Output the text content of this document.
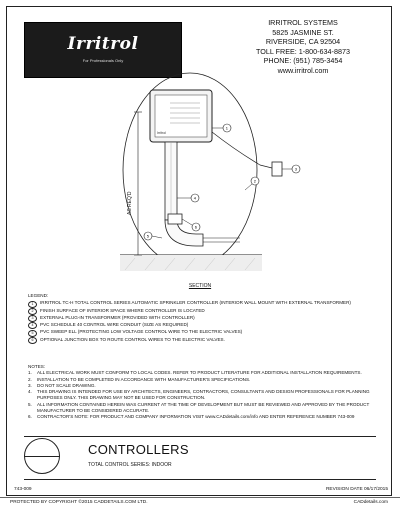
Irritrol
For Professionals Only
IRRITROL SYSTEMS
5825 JASMINE ST.
RIVERSIDE, CA 92504
TOLL FREE: 1-800-634-8873
PHONE: (951) 785-3454
www.irritrol.com
Irritrol
AS REQ'D
1
3
2
4
5
6
SECTION
LEGEND:
1	IRRITROL TC-H TOTAL CONTROL SERIES AUTOMATIC SPRINKLER CONTROLLER (INTERIOR WALL MOUNT WITH EXTERNAL TRANSFORMER)
2	FINISH SURFACE OF INTERIOR SPACE WHERE CONTROLLER IS LOCATED
3	EXTERNAL PLUG-IN TRANSFORMER (PROVIDED WITH CONTROLLER)
4	PVC SCHEDULE 40 CONTROL WIRE CONDUIT (SIZE AS REQUIRED)
5	PVC SWEEP ELL (PROTECTING LOW VOLTAGE CONTROL WIRE TO THE ELECTRIC VALVES)
6	OPTIONAL JUNCTION BOX TO ROUTE CONTROL WIRES TO THE ELECTRIC VALVES.
NOTES:
1.	ALL ELECTRICAL WORK MUST CONFORM TO LOCAL CODES. REFER TO PRODUCT LITERATURE FOR ADDITIONAL INSTALLATION REQUIREMENTS.
2.	INSTALLATION TO BE COMPLETED IN ACCORDANCE WITH MANUFACTURER'S SPECIFICATIONS.
3.	DO NOT SCALE DRAWING.
4.	THIS DRAWING IS INTENDED FOR USE BY ARCHITECTS, ENGINEERS, CONTRACTORS, CONSULTANTS AND DESIGN PROFESSIONALS FOR PLANNING PURPOSES ONLY. THIS DRAWING MAY NOT BE USED FOR CONSTRUCTION.
5.	ALL INFORMATION CONTAINED HEREIN WAS CURRENT AT THE TIME OF DEVELOPMENT BUT MUST BE REVIEWED AND APPROVED BY THE PRODUCT MANUFACTURER TO BE CONSIDERED ACCURATE.
6.	CONTRACTOR'S NOTE: FOR PRODUCT AND COMPANY INFORMATION VISIT www.CADdetails.com/info AND ENTER REFERENCE NUMBER 743-009
CONTROLLERS
TOTAL CONTROL SERIES: INDOOR
743-009	REVISION DATE 06/17/2015
PROTECTED BY COPYRIGHT ©2015 CADDETAILS.COM LTD.	CADdetails.com
